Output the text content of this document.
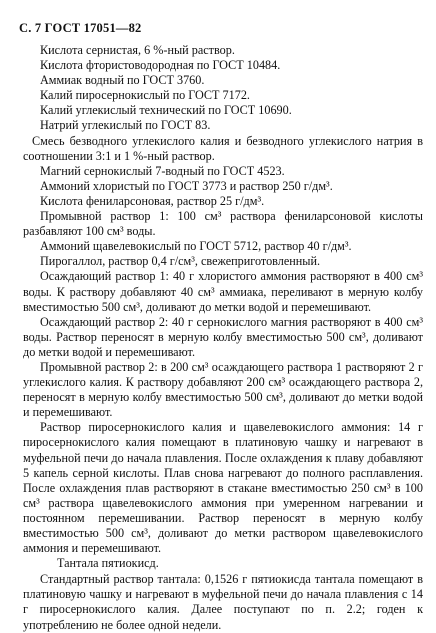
С. 7 ГОСТ 17051—82

Кислота сернистая, 6 %-ный раствор.

Кислота фтористоводородная по ГОСТ 10484.

Аммиак водный по ГОСТ 3760.

Калий пиросернокислый по ГОСТ 7172.

Калий углекислый технический по ГОСТ 10690.

Натрий углекислый по ГОСТ 83.

Смесь безводного углекислого калия и безводного углекислого натрия в соотношении 3:1 и 1 %-ный раствор.

Магний сернокислый 7-водный по ГОСТ 4523.

Аммоний хлористый по ГОСТ 3773 и раствор 250 г/дм³.

Кислота фениларсоновая, раствор 25 г/дм³.

Промывной раствор 1: 100 см³ раствора фениларсоновой кислоты разбавляют 100 см³ воды.

Аммоний щавелевокислый по ГОСТ 5712, раствор 40 г/дм³.

Пирогаллол, раствор 0,4 г/см³, свежеприготовленный.

Осаждающий раствор 1: 40 г хлористого аммония растворяют в 400 см³ воды. К раствору добавляют 40 см³ аммиака, переливают в мерную колбу вместимостью 500 см³, доливают до метки водой и перемешивают.

Осаждающий раствор 2: 40 г сернокислого магния растворяют в 400 см³ воды. Раствор переносят в мерную колбу вместимостью 500 см³, доливают до метки водой и перемешивают.

Промывной раствор 2: в 200 см³ осаждающего раствора 1 растворяют 2 г углекислого калия. К раствору добавляют 200 см³ осаждающего раствора 2, переносят в мерную колбу вместимостью 500 см³, доливают до метки водой и перемешивают.

Раствор пиросернокислого калия и щавелевокислого аммония: 14 г пиросернокислого калия помещают в платиновую чашку и нагревают в муфельной печи до начала плавления. После охлаждения к плаву добавляют 5 капель серной кислоты. Плав снова нагревают до полного расплавления. После охлаждения плав растворяют в стакане вместимостью 250 см³ в 100 см³ раствора щавелевокислого аммония при умеренном нагревании и постоянном перемешивании. Раствор переносят в мерную колбу вместимостью 500 см³, доливают до метки раствором щавелевокислого аммония и перемешивают.

Тантала пятиокисд.

Стандартный раствор тантала: 0,1526 г пятиокисда тантала помещают в платиновую чашку и нагревают в муфельной печи до начала плавления с 14 г пиросернокислого калия. Далее поступают по п. 2.2; годен к употреблению не более одной недели.
